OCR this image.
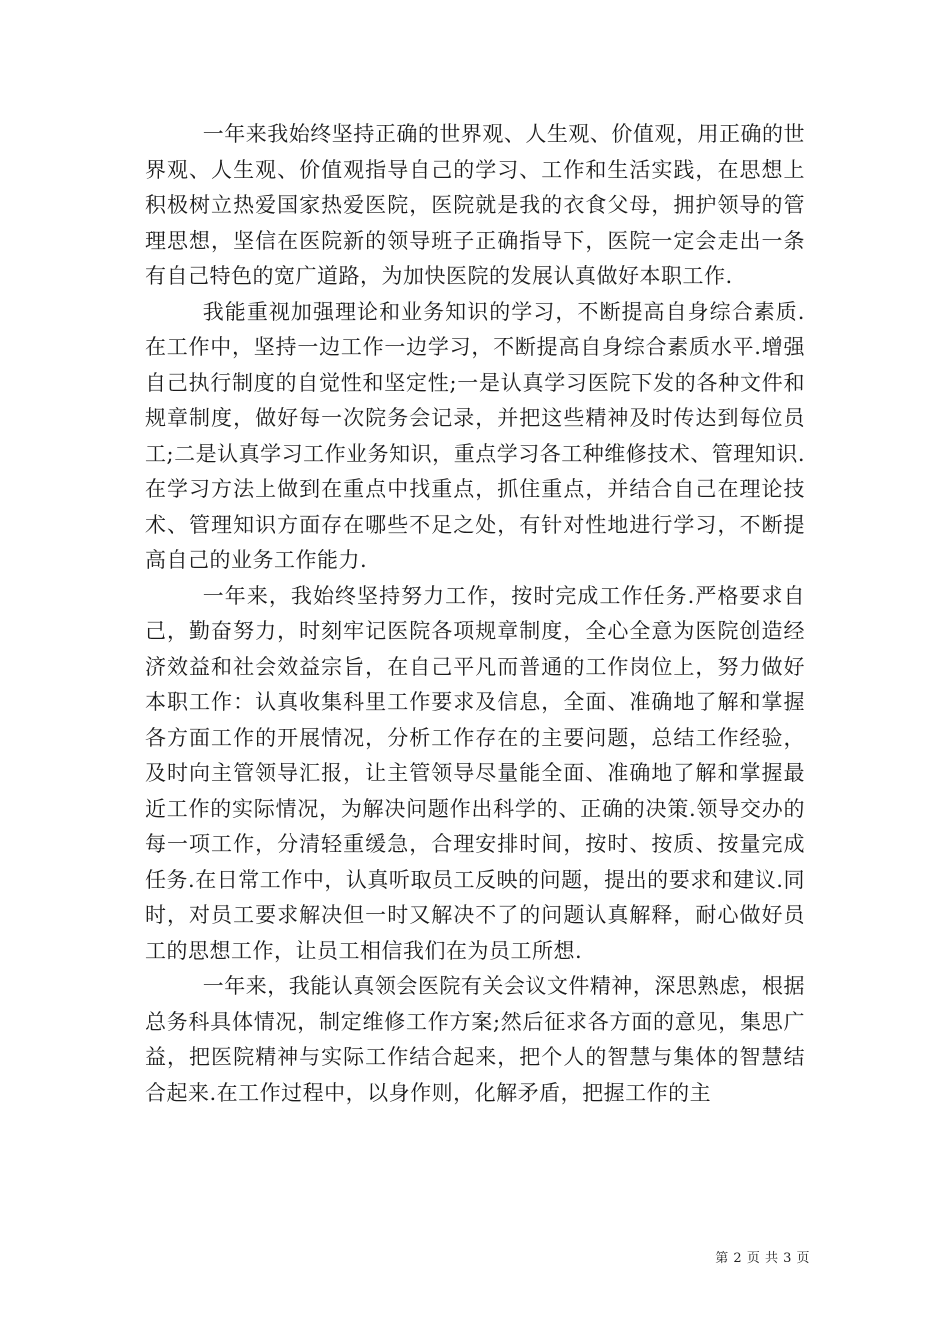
一年来我始终坚持正确的世界观、人生观、价值观，用正确的世界观、人生观、价值观指导自己的学习、工作和生活实践，在思想上积极树立热爱国家热爱医院，医院就是我的衣食父母，拥护领导的管理思想，坚信在医院新的领导班子正确指导下，医院一定会走出一条有自己特色的宽广道路，为加快医院的发展认真做好本职工作.

我能重视加强理论和业务知识的学习，不断提高自身综合素质.在工作中，坚持一边工作一边学习，不断提高自身综合素质水平.增强自己执行制度的自觉性和坚定性;一是认真学习医院下发的各种文件和规章制度，做好每一次院务会记录，并把这些精神及时传达到每位员工;二是认真学习工作业务知识，重点学习各工种维修技术、管理知识.在学习方法上做到在重点中找重点，抓住重点，并结合自己在理论技术、管理知识方面存在哪些不足之处，有针对性地进行学习，不断提高自己的业务工作能力.

一年来，我始终坚持努力工作，按时完成工作任务.严格要求自己，勤奋努力，时刻牢记医院各项规章制度，全心全意为医院创造经济效益和社会效益宗旨，在自己平凡而普通的工作岗位上，努力做好本职工作：认真收集科里工作要求及信息，全面、准确地了解和掌握各方面工作的开展情况，分析工作存在的主要问题，总结工作经验，及时向主管领导汇报，让主管领导尽量能全面、准确地了解和掌握最近工作的实际情况，为解决问题作出科学的、正确的决策.领导交办的每一项工作，分清轻重缓急，合理安排时间，按时、按质、按量完成任务.在日常工作中，认真听取员工反映的问题，提出的要求和建议.同时，对员工要求解决但一时又解决不了的问题认真解释，耐心做好员工的思想工作，让员工相信我们在为员工所想.

一年来，我能认真领会医院有关会议文件精神，深思熟虑，根据总务科具体情况，制定维修工作方案;然后征求各方面的意见，集思广益，把医院精神与实际工作结合起来，把个人的智慧与集体的智慧结合起来.在工作过程中，以身作则，化解矛盾，把握工作的主

第 2 页 共 3 页
